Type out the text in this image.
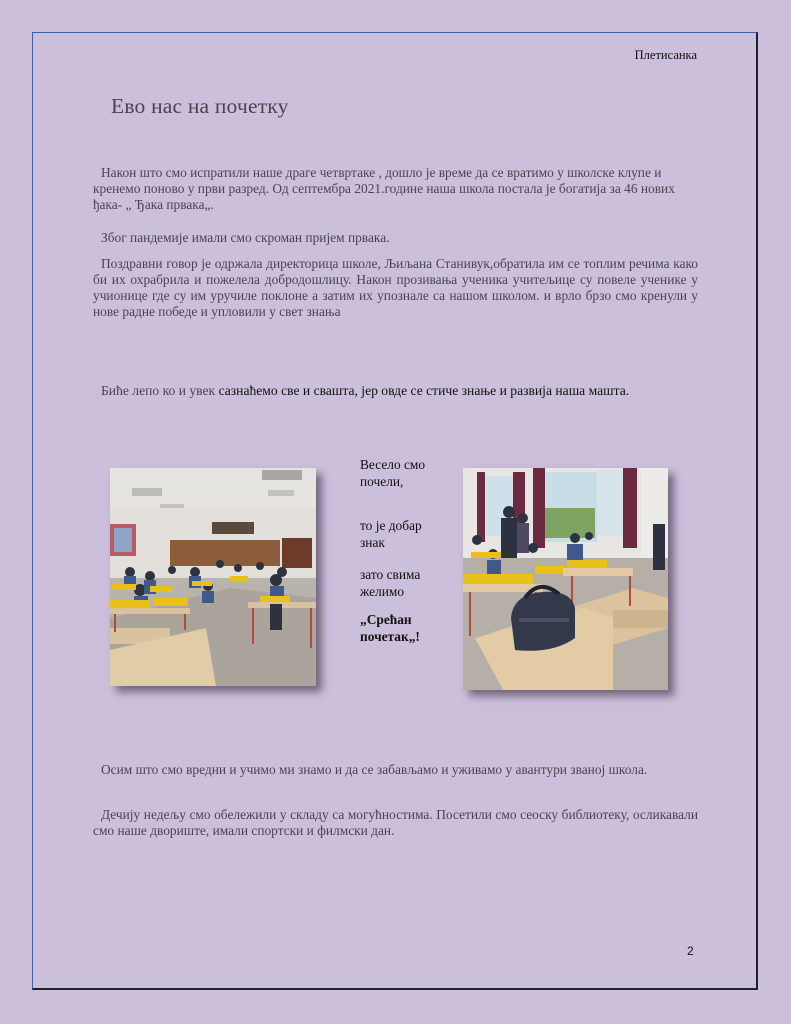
Плетисанка
Ево нас на почетку
Након што смо испратили наше драге четвртаке , дошло је време да се вратимо у школске клупе и кренемо поново у први разред. Од септембра 2021.године наша школа постала је богатија за 46 нових ђака- „ Ђака првака„.
Због пандемије имали смо скроман пријем првака.
Поздравни говор је одржала директорица школе, Љиљана Станивук,обратила им се топлим речима како би их охрабрила и пожелела добродошлицу. Након прозивања ученика учитељице су повеле ученике у учионице где су им уручиле поклоне а затим их упознале са нашом школом. и врло брзо смо кренули у нове радне победе и упловили у свет знања
Биће лепо ко и увек сазнаћемо све и свашта, јер овде се стиче знање и развија наша машта.
Весело смо почели,
то је добар знак
зато свима желимо
„Срећан почетак„!
Осим што смо вредни и учимо ми знамо и да се забављамо и уживамо у авантури званој школа.
Дечију недељу смо обележили у складу са могућностима. Посетили смо сеоску библиотеку, осликавали смо наше двориште, имали спортски и филмски дан.
2
